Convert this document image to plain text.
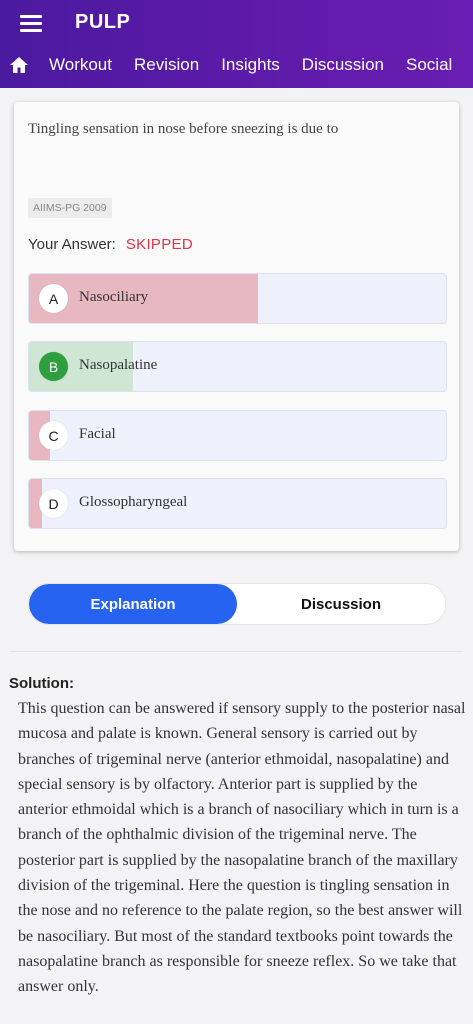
PULP
Workout	Revision	Insights	Discussion	Social
Tingling sensation in nose before sneezing is due to
AIIMS-PG 2009
Your Answer: SKIPPED
A	Nasociliary
B	Nasopalatine
C	Facial
D	Glossopharyngeal
Explanation	Discussion
Solution:
This question can be answered if sensory supply to the posterior nasal mucosa and palate is known. General sensory is carried out by branches of trigeminal nerve (anterior ethmoidal, nasopalatine) and special sensory is by olfactory. Anterior part is supplied by the anterior ethmoidal which is a branch of nasociliary which in turn is a branch of the ophthalmic division of the trigeminal nerve. The posterior part is supplied by the nasopalatine branch of the maxillary division of the trigeminal. Here the question is tingling sensation in the nose and no reference to the palate region, so the best answer will be nasociliary. But most of the standard textbooks point towards the nasopalatine branch as responsible for sneeze reflex. So we take that answer only.
